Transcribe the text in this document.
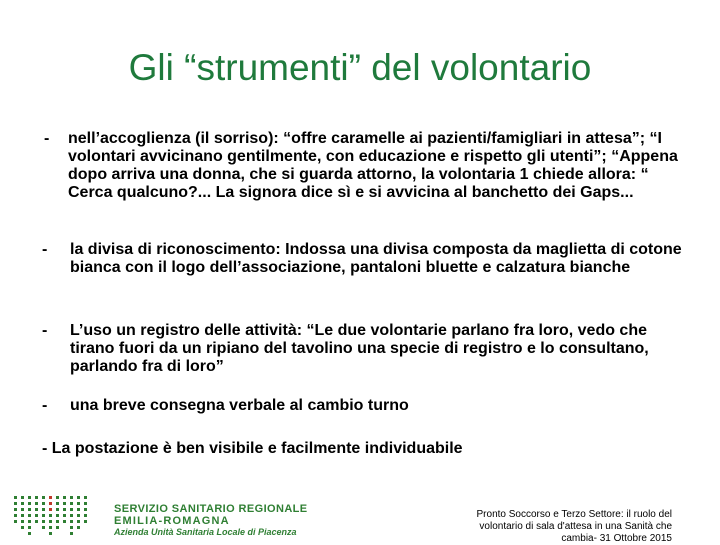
Gli “strumenti” del volontario
- nell’accoglienza (il sorriso): “offre caramelle ai pazienti/famigliari in attesa”; “I volontari avvicinano gentilmente, con educazione e rispetto gli utenti”; “Appena dopo arriva una donna, che si guarda attorno, la volontaria 1 chiede allora: “ Cerca qualcuno?... La signora dice sì e si avvicina al banchetto dei Gaps...
- la divisa di riconoscimento: Indossa una divisa composta da maglietta di cotone bianca con il logo dell’associazione, pantaloni bluette e calzatura bianche
- L’uso un registro delle attività: “Le due volontarie parlano fra loro, vedo che tirano fuori da un ripiano del tavolino una specie di registro e lo consultano, parlando fra di loro”
- una breve consegna verbale al cambio turno
- La postazione è ben visibile e facilmente individuabile
SERVIZIO SANITARIO REGIONALE
EMILIA-ROMAGNA
Azienda Unità Sanitaria Locale di Piacenza
Pronto Soccorso e Terzo Settore: il ruolo del volontario di sala d'attesa in una Sanità che cambia- 31 Ottobre 2015
